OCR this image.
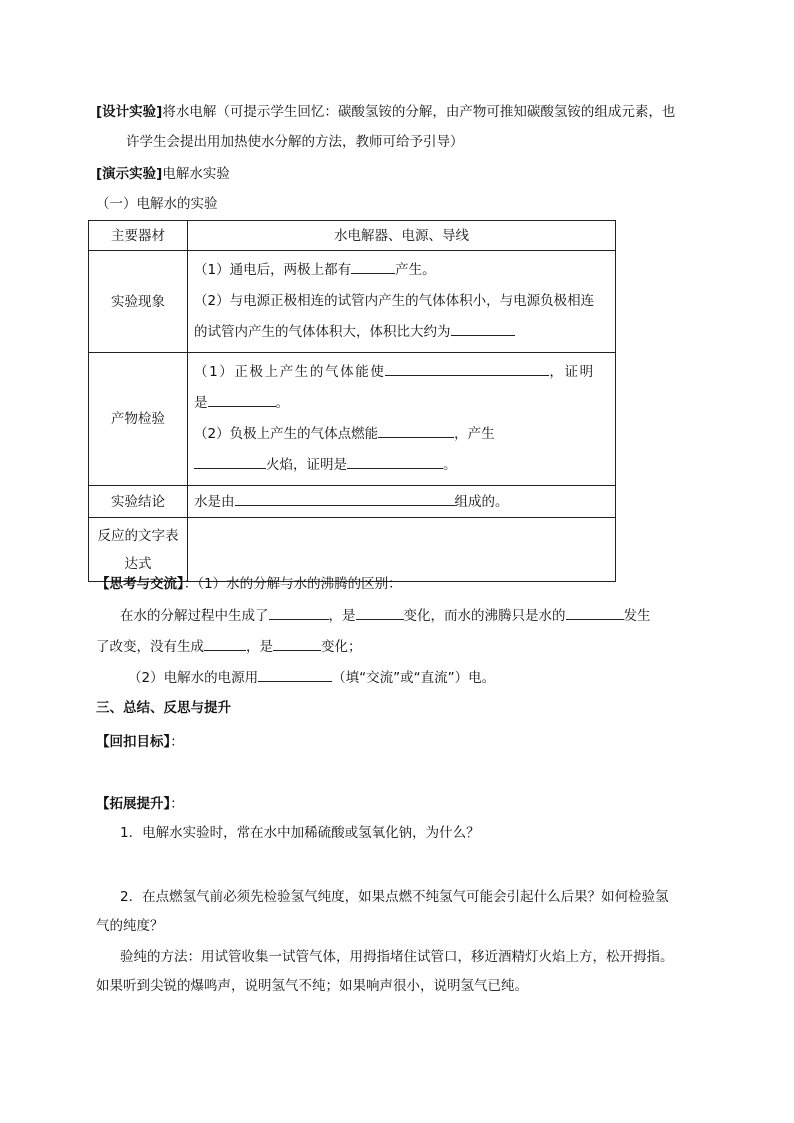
[设计实验]将水电解（可提示学生回忆：碳酸氢铵的分解，由产物可推知碳酸氢铵的组成元素，也
许学生会提出用加热使水分解的方法，教师可给予引导）
[演示实验]电解水实验
（一）电解水的实验
主要器材	水电解器、电源、导线
实验现象	（1）通电后，两极上都有 产生。
（2）与电源正极相连的试管内产生的气体体积小，与电源负极相连
的试管内产生的气体体积大，体积比大约为

产物检验	（1）正极上产生的气体能使 ，证明
是 。
（2）负极上产生的气体点燃能 ，产生
火焰，证明是 。

实验结论	水是由 组成的。

反应的文字表
达式	

【思考与交流】：（1）水的分解与水的沸腾的区别：
在水的分解过程中生成了	，是	变化，而水的沸腾只是水的	发生
了改变，没有生成	，是	变化；
（2）电解水的电源用	（填“交流”或“直流”）电。
三、总结、反思与提升
【回扣目标】：
【拓展提升】：
1．电解水实验时，常在水中加稀硫酸或氢氧化钠，为什么？
2．在点燃氢气前必须先检验氢气纯度，如果点燃不纯氢气可能会引起什么后果？如何检验氢
气的纯度？
验纯的方法：用试管收集一试管气体，用拇指堵住试管口，移近酒精灯火焰上方，松开拇指。
如果听到尖锐的爆鸣声，说明氢气不纯；如果响声很小，说明氢气已纯。
